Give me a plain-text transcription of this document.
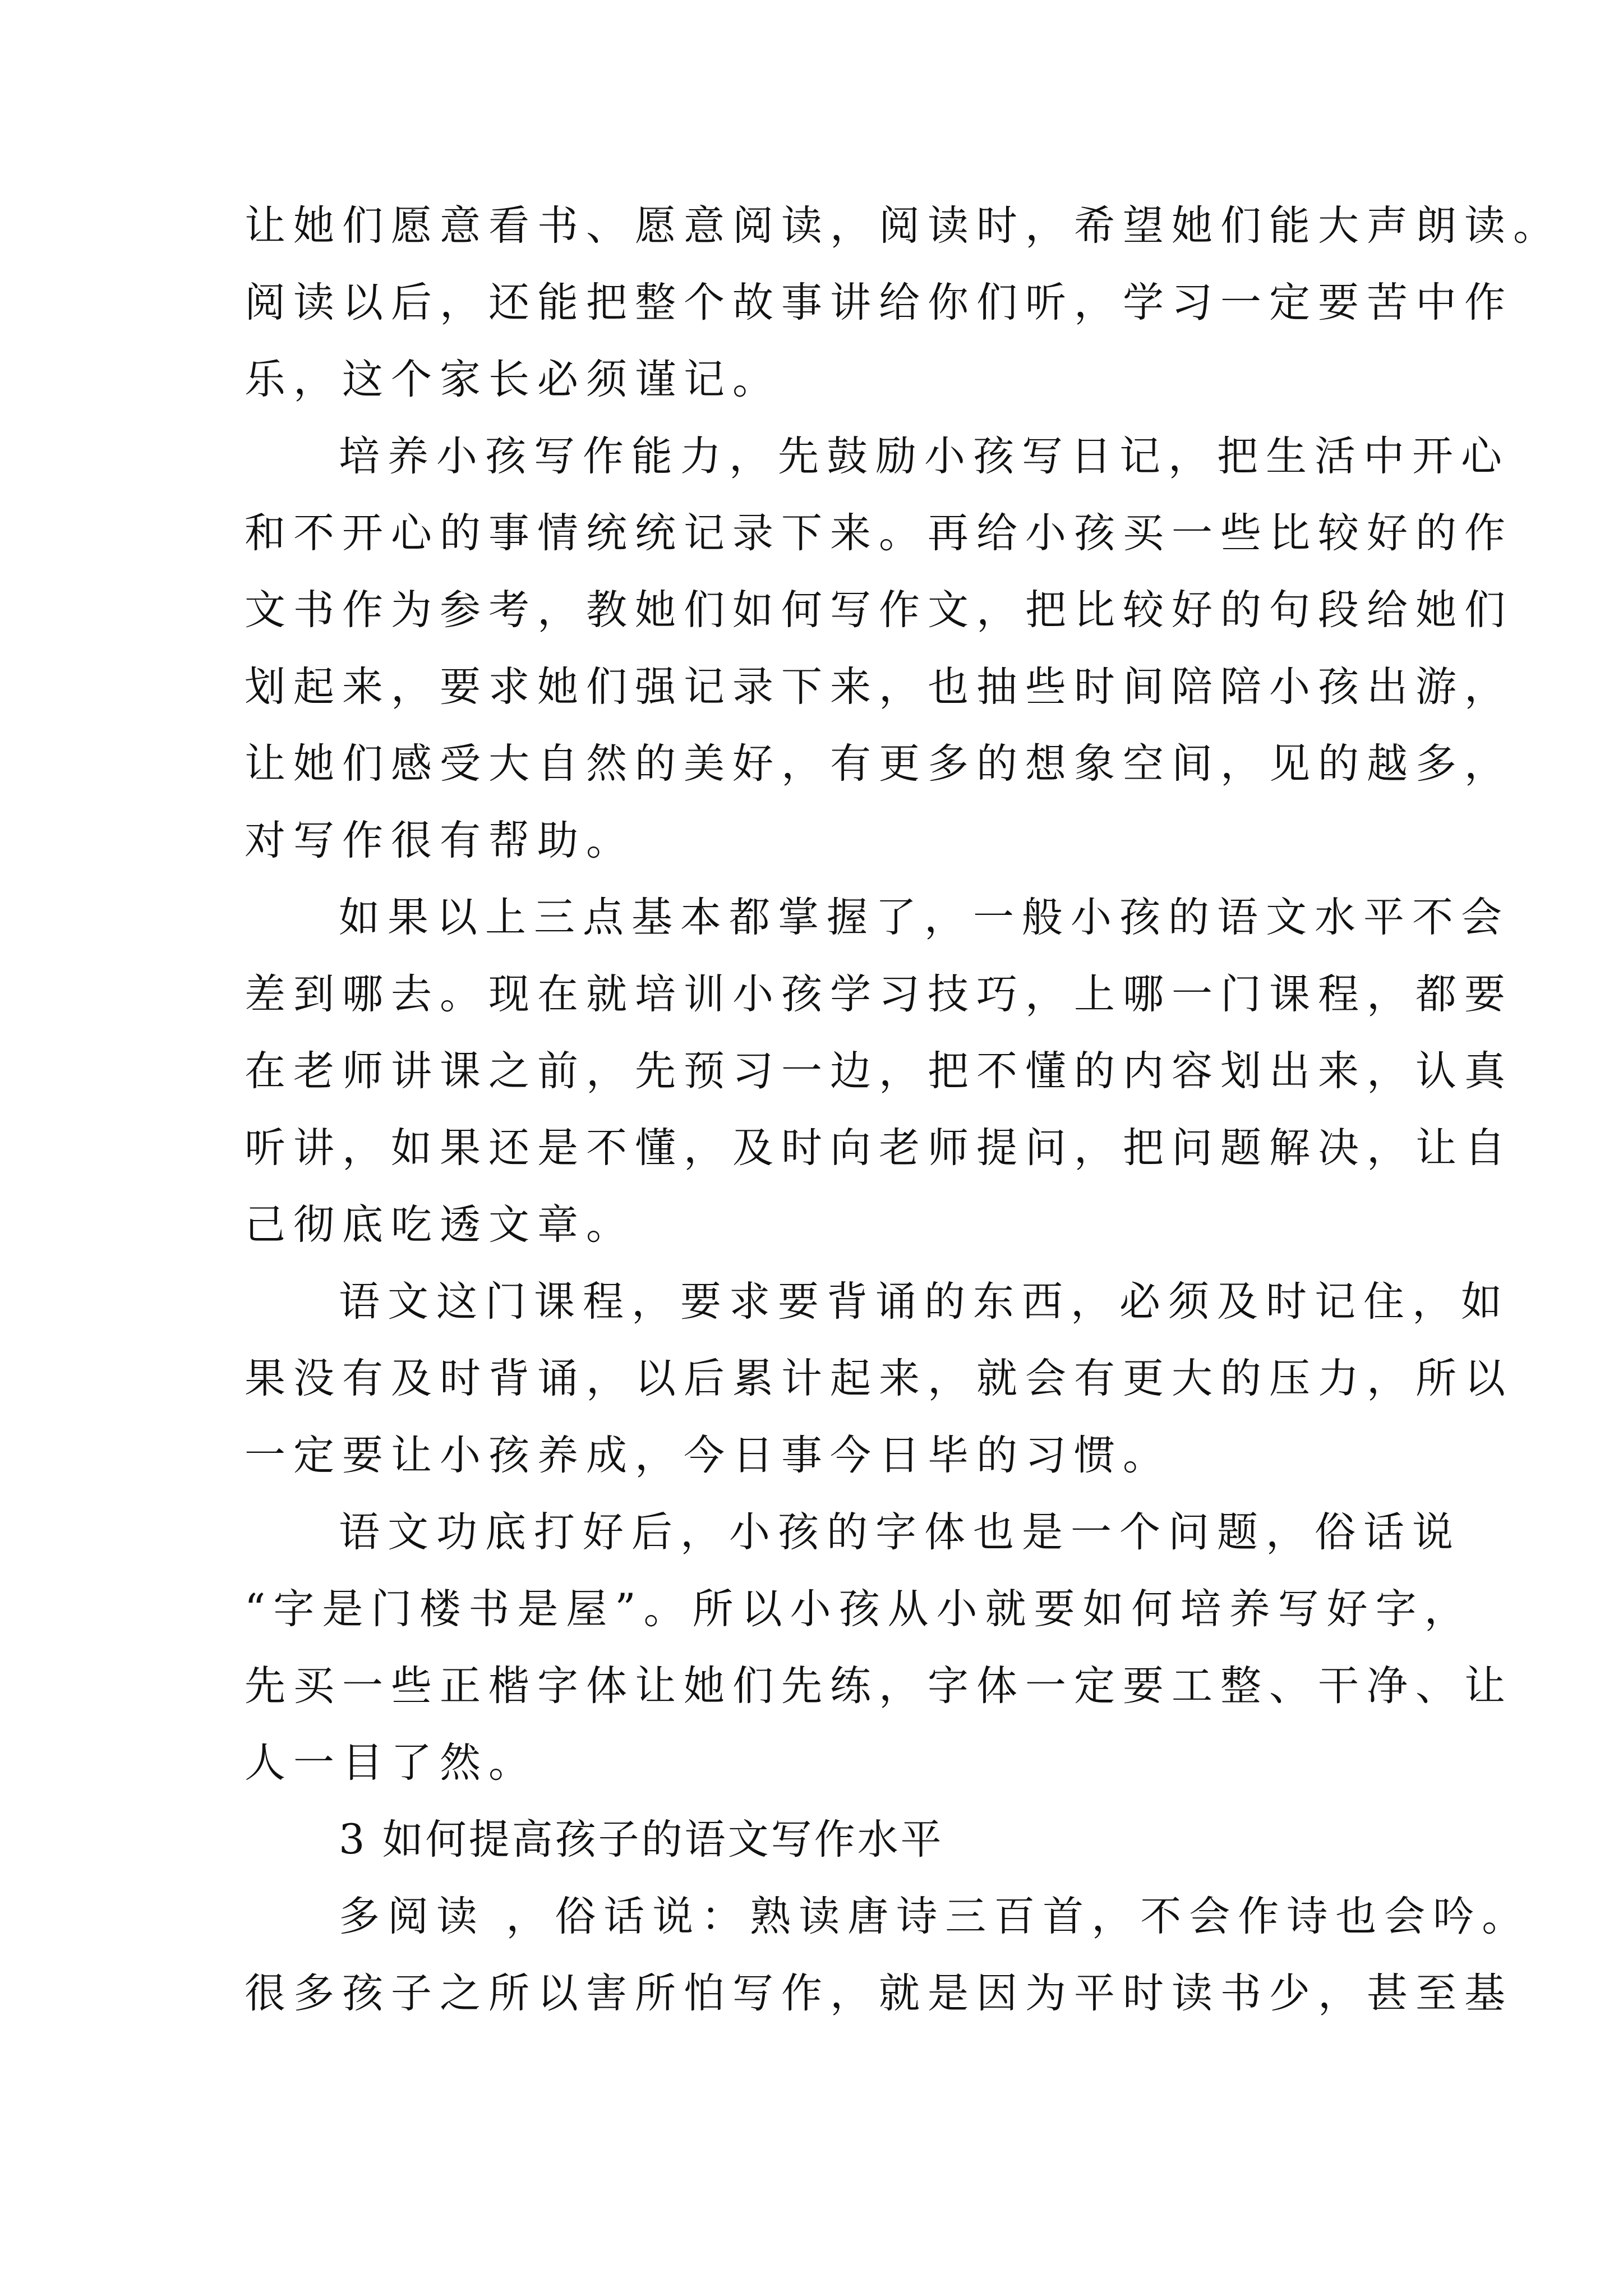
让她们愿意看书、愿意阅读，阅读时，希望她们能大声朗读。
阅读以后，还能把整个故事讲给你们听，学习一定要苦中作
乐，这个家长必须谨记。
培养小孩写作能力，先鼓励小孩写日记，把生活中开心
和不开心的事情统统记录下来。再给小孩买一些比较好的作
文书作为参考，教她们如何写作文，把比较好的句段给她们
划起来，要求她们强记录下来，也抽些时间陪陪小孩出游，
让她们感受大自然的美好，有更多的想象空间，见的越多，
对写作很有帮助。
如果以上三点基本都掌握了，一般小孩的语文水平不会
差到哪去。现在就培训小孩学习技巧，上哪一门课程，都要
在老师讲课之前，先预习一边，把不懂的内容划出来，认真
听讲，如果还是不懂，及时向老师提问，把问题解决，让自
己彻底吃透文章。
语文这门课程，要求要背诵的东西，必须及时记住，如
果没有及时背诵，以后累计起来，就会有更大的压力，所以
一定要让小孩养成，今日事今日毕的习惯。
语文功底打好后，小孩的字体也是一个问题，俗话说
“字是门楼书是屋”。所以小孩从小就要如何培养写好字，
先买一些正楷字体让她们先练，字体一定要工整、干净、让
人一目了然。
3 如何提高孩子的语文写作水平
多阅读 ，俗话说：熟读唐诗三百首，不会作诗也会吟。
很多孩子之所以害所怕写作，就是因为平时读书少，甚至基
